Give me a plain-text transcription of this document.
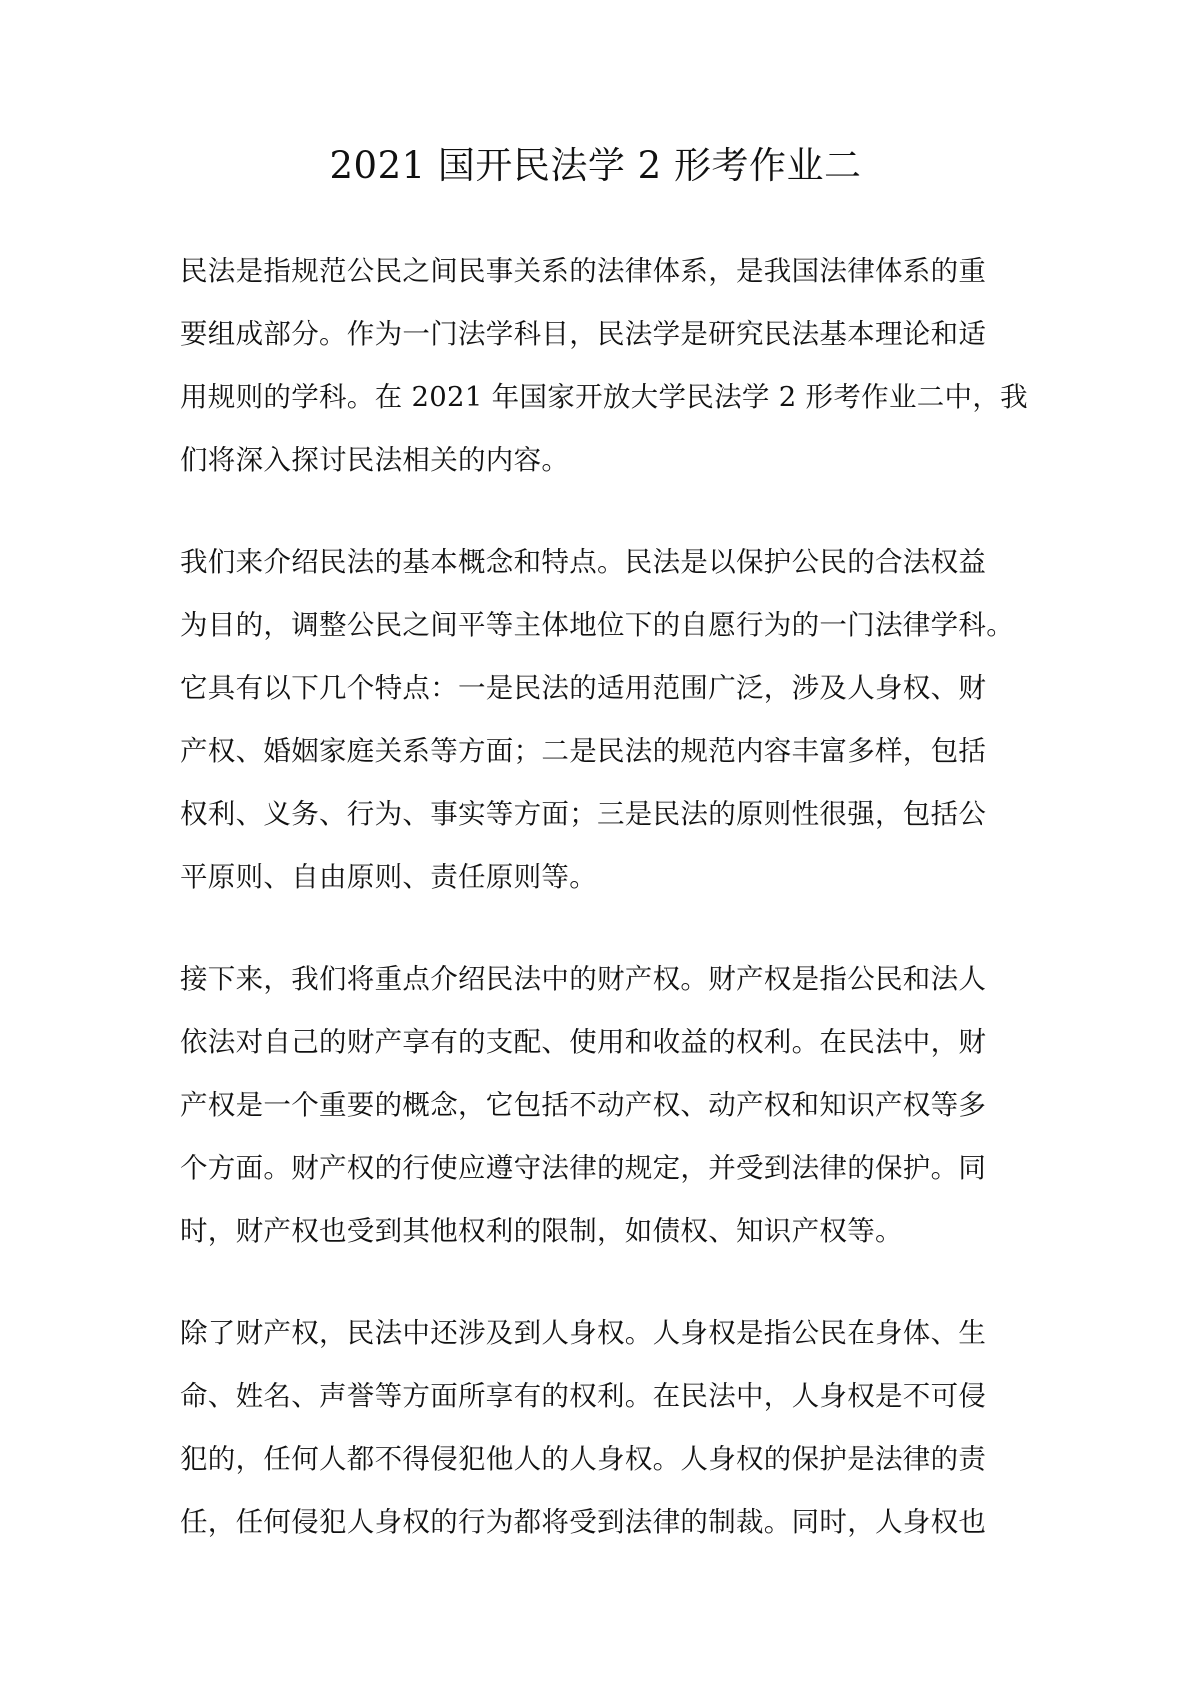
2021 国开民法学 2 形考作业二

民法是指规范公民之间民事关系的法律体系，是我国法律体系的重
要组成部分。作为一门法学科目，民法学是研究民法基本理论和适
用规则的学科。在 2021 年国家开放大学民法学 2 形考作业二中，我
们将深入探讨民法相关的内容。

我们来介绍民法的基本概念和特点。民法是以保护公民的合法权益
为目的，调整公民之间平等主体地位下的自愿行为的一门法律学科。
它具有以下几个特点：一是民法的适用范围广泛，涉及人身权、财
产权、婚姻家庭关系等方面；二是民法的规范内容丰富多样，包括
权利、义务、行为、事实等方面；三是民法的原则性很强，包括公
平原则、自由原则、责任原则等。

接下来，我们将重点介绍民法中的财产权。财产权是指公民和法人
依法对自己的财产享有的支配、使用和收益的权利。在民法中，财
产权是一个重要的概念，它包括不动产权、动产权和知识产权等多
个方面。财产权的行使应遵守法律的规定，并受到法律的保护。同
时，财产权也受到其他权利的限制，如债权、知识产权等。

除了财产权，民法中还涉及到人身权。人身权是指公民在身体、生
命、姓名、声誉等方面所享有的权利。在民法中，人身权是不可侵
犯的，任何人都不得侵犯他人的人身权。人身权的保护是法律的责
任，任何侵犯人身权的行为都将受到法律的制裁。同时，人身权也
